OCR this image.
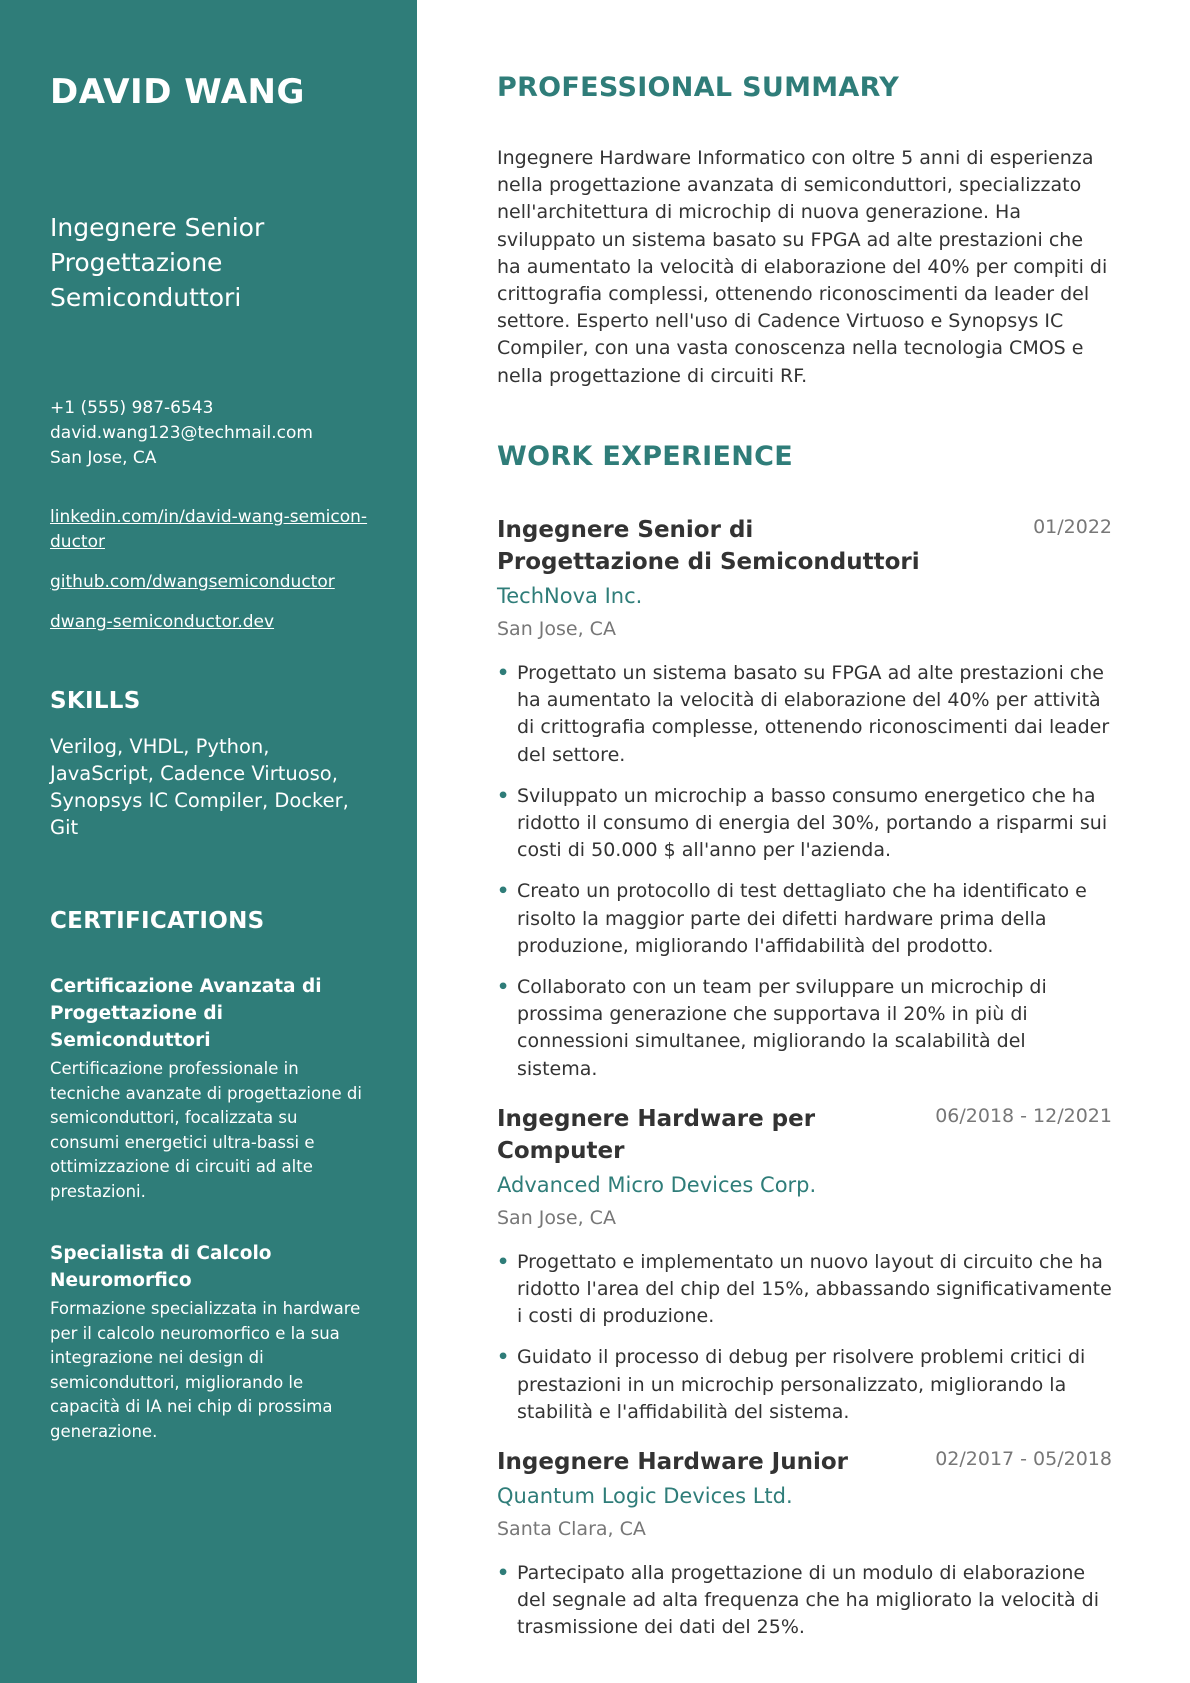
DAVID WANG
Ingegnere Senior Progettazione Semiconduttori
+1 (555) 987-6543
david.wang123@techmail.com
San Jose, CA
linkedin.com/in/david-wang-semicon-ductor
github.com/dwangsemiconductor
dwang-semiconductor.dev
SKILLS
Verilog, VHDL, Python, JavaScript, Cadence Virtuoso, Synopsys IC Compiler, Docker, Git
CERTIFICATIONS
Certificazione Avanzata di Progettazione di Semiconduttori
Certificazione professionale in tecniche avanzate di progettazione di semiconduttori, focalizzata su consumi energetici ultra-bassi e ottimizzazione di circuiti ad alte prestazioni.
Specialista di Calcolo Neuromorfico
Formazione specializzata in hardware per il calcolo neuromorfico e la sua integrazione nei design di semiconduttori, migliorando le capacità di IA nei chip di prossima generazione.
PROFESSIONAL SUMMARY

Ingegnere Hardware Informatico con oltre 5 anni di esperienza nella progettazione avanzata di semiconduttori, specializzato nell'architettura di microchip di nuova generazione. Ha sviluppato un sistema basato su FPGA ad alte prestazioni che ha aumentato la velocità di elaborazione del 40% per compiti di crittografia complessi, ottenendo riconoscimenti da leader del settore. Esperto nell'uso di Cadence Virtuoso e Synopsys IC Compiler, con una vasta conoscenza nella tecnologia CMOS e nella progettazione di circuiti RF.

WORK EXPERIENCE
Ingegnere Senior di Progettazione di Semiconduttori
01/2022
TechNova Inc.
San Jose, CA
• Progettato un sistema basato su FPGA ad alte prestazioni che ha aumentato la velocità di elaborazione del 40% per attività di crittografia complesse, ottenendo riconoscimenti dai leader del settore.
• Sviluppato un microchip a basso consumo energetico che ha ridotto il consumo di energia del 30%, portando a risparmi sui costi di 50.000 $ all'anno per l'azienda.
• Creato un protocollo di test dettagliato che ha identificato e risolto la maggior parte dei difetti hardware prima della produzione, migliorando l'affidabilità del prodotto.
• Collaborato con un team per sviluppare un microchip di prossima generazione che supportava il 20% in più di connessioni simultanee, migliorando la scalabilità del sistema.
Ingegnere Hardware per Computer
06/2018 - 12/2021
Advanced Micro Devices Corp.
San Jose, CA
• Progettato e implementato un nuovo layout di circuito che ha ridotto l'area del chip del 15%, abbassando significativamente i costi di produzione.
• Guidato il processo di debug per risolvere problemi critici di prestazioni in un microchip personalizzato, migliorando la stabilità e l'affidabilità del sistema.
Ingegnere Hardware Junior	02/2017 - 05/2018
Quantum Logic Devices Ltd.
Santa Clara, CA
• Partecipato alla progettazione di un modulo di elaborazione del segnale ad alta frequenza che ha migliorato la velocità di trasmissione dei dati del 25%.
